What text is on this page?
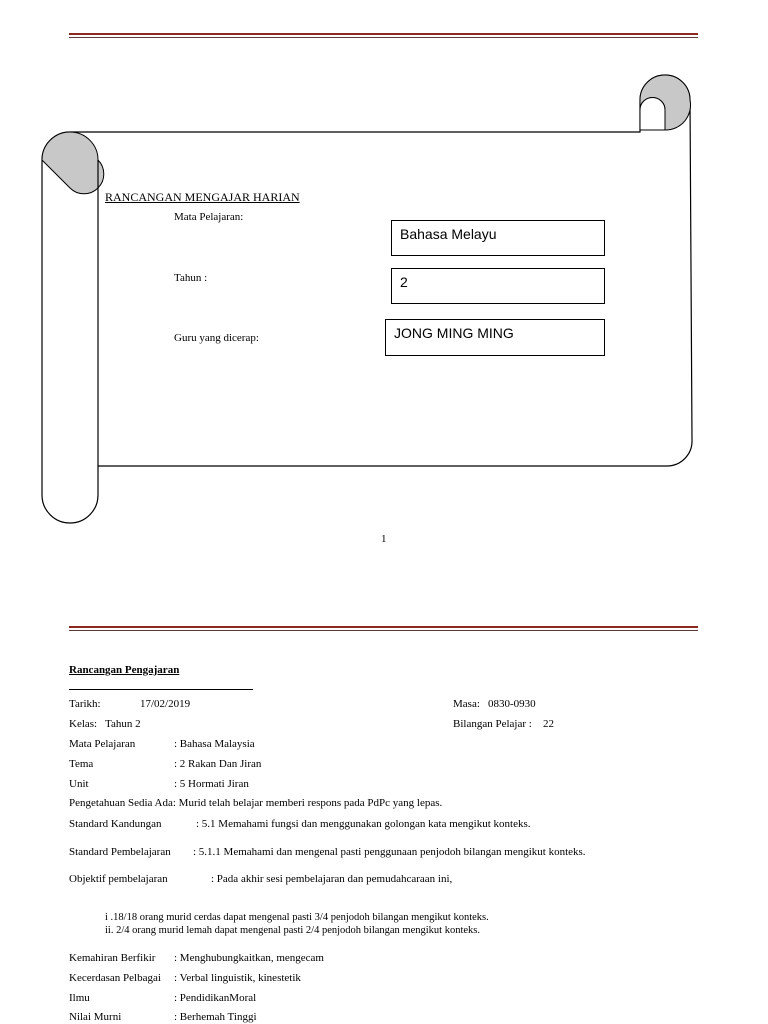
RANCANGAN MENGAJAR HARIAN
Mata Pelajaran:
Bahasa Melayu
Tahun :	2
Guru yang dicerap:	JONG MING MING
1
Rancangan Pengajaran
Tarikh:	17/02/2019	Masa: 0830-0930
Kelas: Tahun 2	Bilangan Pelajar : 22
Mata Pelajaran	: Bahasa Malaysia
Tema	: 2 Rakan Dan Jiran
Unit	: 5 Hormati Jiran
Pengetahuan Sedia Ada: Murid telah belajar memberi respons pada PdPc yang lepas.
Standard Kandungan	: 5.1 Memahami fungsi dan menggunakan golongan kata mengikut konteks.
Standard Pembelajaran : 5.1.1 Memahami dan mengenal pasti penggunaan penjodoh bilangan mengikut konteks.
Objektif pembelajaran	: Pada akhir sesi pembelajaran dan pemudahcaraan ini,
i .18/18 orang murid cerdas dapat mengenal pasti 3/4 penjodoh bilangan mengikut konteks.
ii. 2/4 orang murid lemah dapat mengenal pasti 2/4 penjodoh bilangan mengikut konteks.
Kemahiran Berfikir : Menghubungkaitkan, mengecam
Kecerdasan Pelbagai : Verbal linguistik, kinestetik
Ilmu	: PendidikanMoral
Nilai Murni	: Berhemah Tinggi
